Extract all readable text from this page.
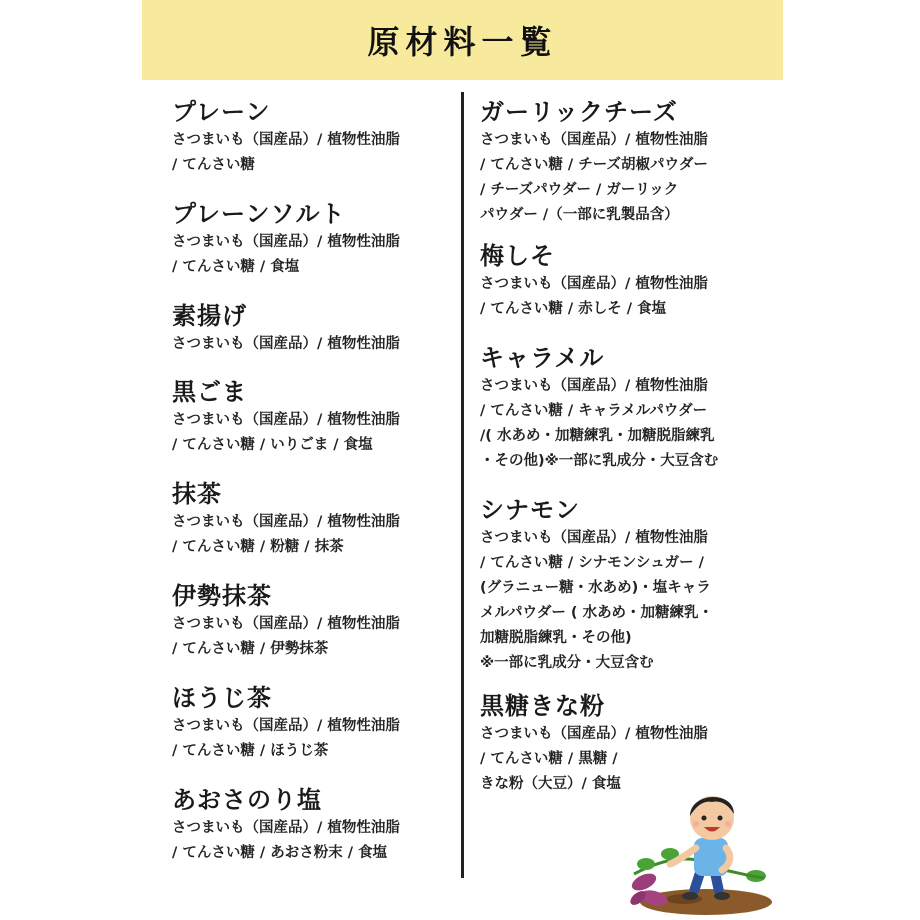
原材料一覧

プレーン

さつまいも（国産品）/ 植物性油脂
/ てんさい糖

プレーンソルト

さつまいも（国産品）/ 植物性油脂
/ てんさい糖 / 食塩

素揚げ

さつまいも（国産品）/ 植物性油脂

黒ごま

さつまいも（国産品）/ 植物性油脂
/ てんさい糖 / いりごま / 食塩

抹茶

さつまいも（国産品）/ 植物性油脂
/ てんさい糖 / 粉糖 / 抹茶

伊勢抹茶

さつまいも（国産品）/ 植物性油脂
/ てんさい糖 / 伊勢抹茶

ほうじ茶

さつまいも（国産品）/ 植物性油脂
/ てんさい糖 / ほうじ茶

あおさのり塩

さつまいも（国産品）/ 植物性油脂
/ てんさい糖 / あおさ粉末 / 食塩

ガーリックチーズ

さつまいも（国産品）/ 植物性油脂
/ てんさい糖 / チーズ胡椒パウダー
/ チーズパウダー / ガーリック
パウダー /（一部に乳製品含）

梅しそ

さつまいも（国産品）/ 植物性油脂
/ てんさい糖 / 赤しそ / 食塩

キャラメル

さつまいも（国産品）/ 植物性油脂
/ てんさい糖 / キャラメルパウダー
/( 水あめ・加糖練乳・加糖脱脂練乳
・その他)※一部に乳成分・大豆含む

シナモン

さつまいも（国産品）/ 植物性油脂
/ てんさい糖 / シナモンシュガー /
(グラニュー糖・水あめ)・塩キャラ
メルパウダー ( 水あめ・加糖練乳・
加糖脱脂練乳・その他)
※一部に乳成分・大豆含む

黒糖きな粉

さつまいも（国産品）/ 植物性油脂
/ てんさい糖 / 黒糖 /
きな粉（大豆）/ 食塩
